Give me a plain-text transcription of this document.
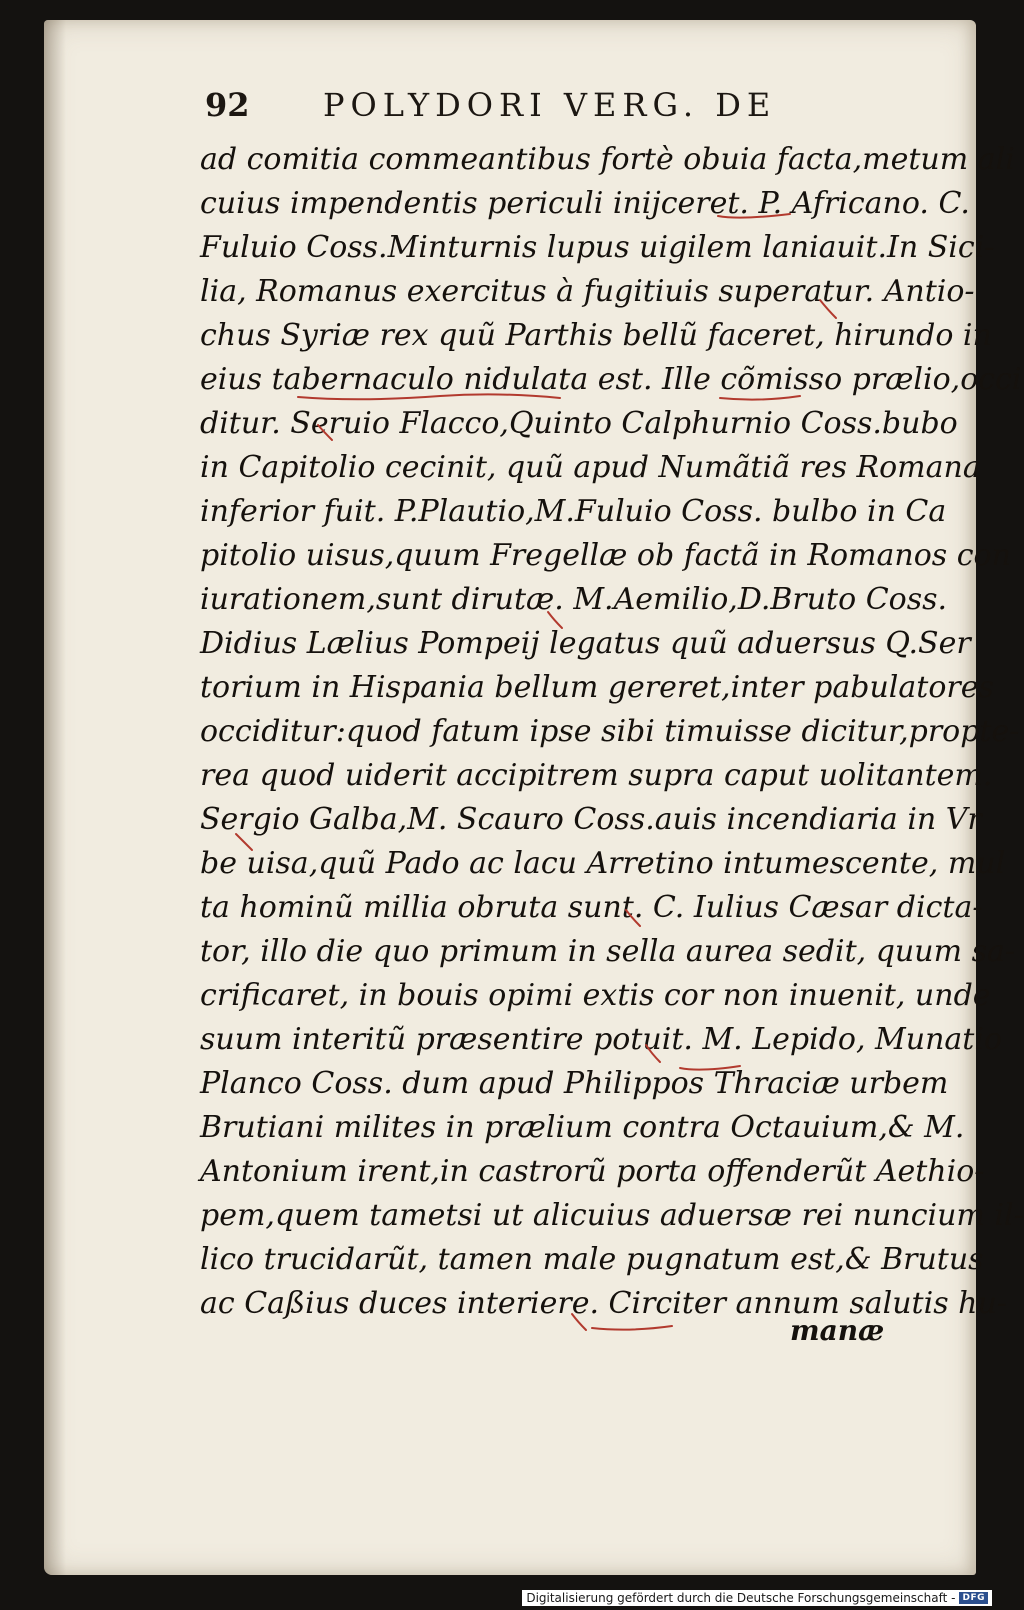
92 POLYDORI VERG. DE
ad comitia commeantibus fortè obuia facta,metum ali
cuius impendentis periculi inijceret. P. Africano. C.
Fuluio Coss.Minturnis lupus uigilem laniauit.In Sici-
lia, Romanus exercitus à fugitiuis superatur. Antio-
chus Syriæ rex quũ Parthis bellũ faceret, hirundo in
eius tabernaculo nidulata est. Ille cõmisso prælio,occi
ditur. Seruio Flacco,Quinto Calphurnio Coss.bubo
in Capitolio cecinit, quũ apud Numãtiã res Romana
inferior fuit. P.Plautio,M.Fuluio Coss. bulbo in Ca
pitolio uisus,quum Fregellæ ob factã in Romanos con
iurationem,sunt dirutæ. M.Aemilio,D.Bruto Coss.
Didius Lælius Pompeij legatus quũ aduersus Q.Ser
torium in Hispania bellum gereret,inter pabulatores
occiditur:quod fatum ipse sibi timuisse dicitur,propte-
rea quod uiderit accipitrem supra caput uolitantem.
Sergio Galba,M. Scauro Coss.auis incendiaria in Vr
be uisa,quũ Pado ac lacu Arretino intumescente, mul
ta hominũ millia obruta sunt. C. Iulius Cæsar dicta-
tor, illo die quo primum in sella aurea sedit, quum sa-
crificaret, in bouis opimi extis cor non inuenit, unde
suum interitũ præsentire potuit. M. Lepido, Munatio
Planco Coss. dum apud Philippos Thraciæ urbem
Brutiani milites in prælium contra Octauium,& M.
Antonium irent,in castrorũ porta offenderũt Aethio-
pem,quem tametsi ut alicuius aduersæ rei nuncium il-
lico trucidarũt, tamen male pugnatum est,& Brutus
ac Caßius duces interiere. Circiter annum salutis hu-
manæ
Digitalisierung gefördert durch die Deutsche Forschungsgemeinschaft - DFG
